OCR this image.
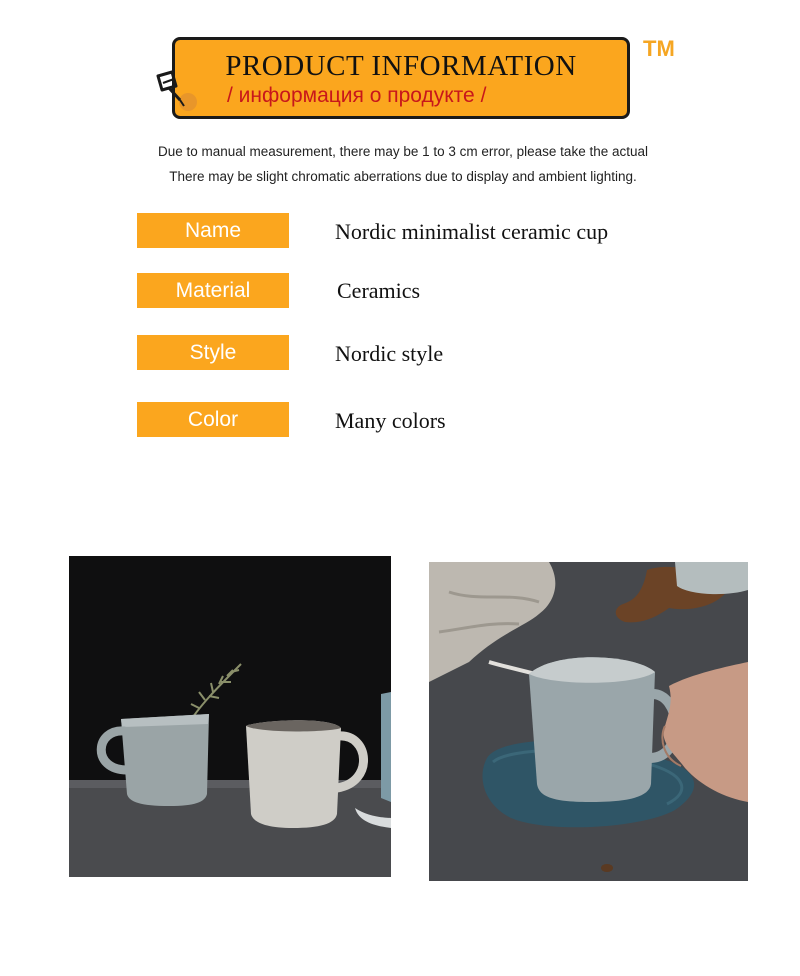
PRODUCT INFORMATION
/ информация о продукте /
TM
Due to manual measurement, there may be 1 to 3 cm error, please take the actual
There may be slight chromatic aberrations due to display and ambient lighting.
Name	Nordic minimalist ceramic cup
Material	Ceramics
Style	Nordic style
Color	Many colors
